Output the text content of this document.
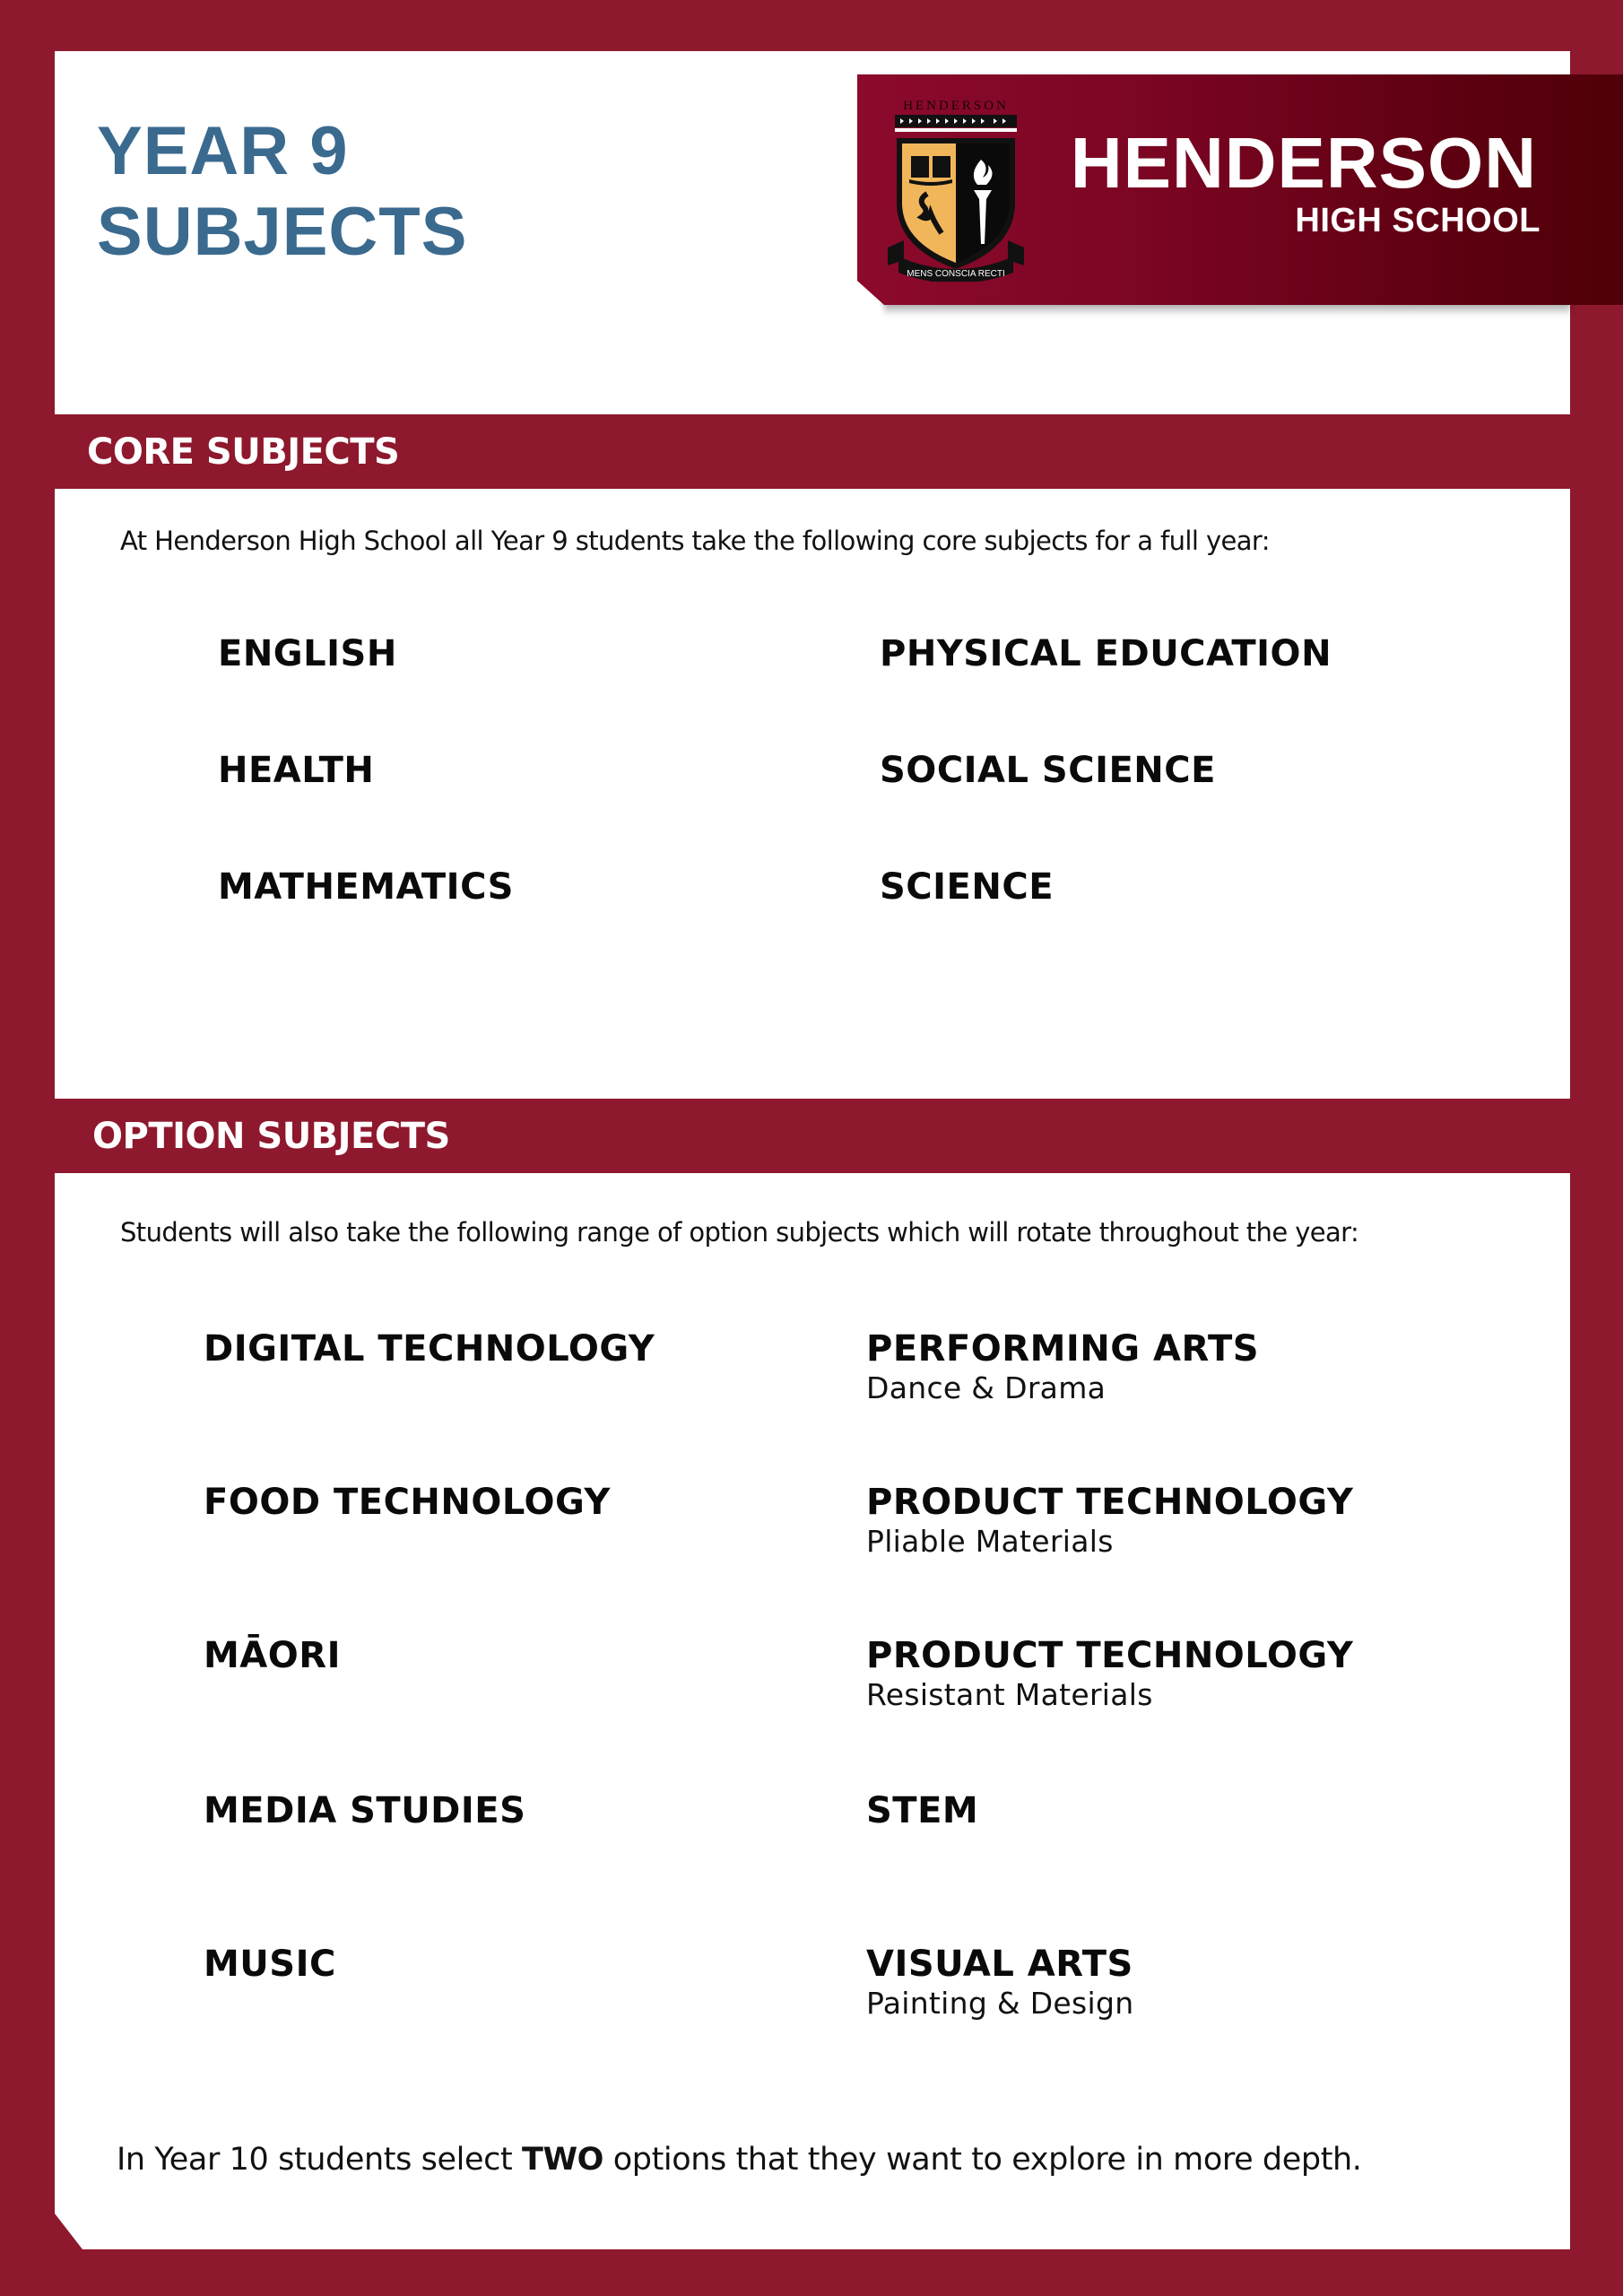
CORE SUBJECTS
OPTION SUBJECTS
YEAR 9
SUBJECTS
HENDERSON
HIGH SCHOOL
HENDERSON
MENS CONSCIA RECTI
At Henderson High School all Year 9 students take the following core subjects for a full year:
ENGLISH
HEALTH
MATHEMATICS
PHYSICAL EDUCATION
SOCIAL SCIENCE
SCIENCE
Students will also take the following range of option subjects which will rotate throughout the year:
DIGITAL TECHNOLOGY
FOOD TECHNOLOGY
MĀORI
MEDIA STUDIES
MUSIC
PERFORMING ARTS
Dance & Drama
PRODUCT TECHNOLOGY
Pliable Materials
PRODUCT TECHNOLOGY
Resistant Materials
STEM
VISUAL ARTS
Painting & Design
In Year 10 students select TWO options that they want to explore in more depth.
